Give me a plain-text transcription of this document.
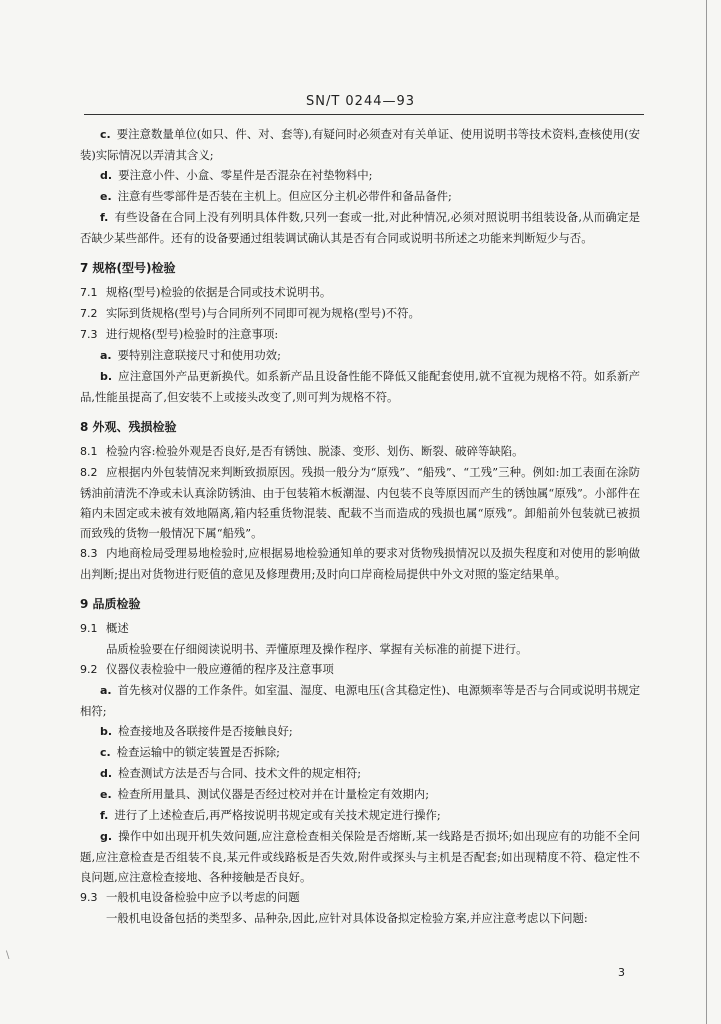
SN/T 0244—93

c. 要注意数量单位(如只、件、对、套等),有疑问时必须查对有关单证、使用说明书等技术资料,查核使用(安装)实际情况以弄清其含义;

d. 要注意小件、小盒、零星件是否混杂在衬垫物料中;

e. 注意有些零部件是否装在主机上。但应区分主机必带件和备品备件;

f. 有些设备在合同上没有列明具体件数,只列一套或一批,对此种情况,必须对照说明书组装设备,从而确定是否缺少某些部件。还有的设备要通过组装调试确认其是否有合同或说明书所述之功能来判断短少与否。

7 规格(型号)检验

7.1 规格(型号)检验的依据是合同或技术说明书。

7.2 实际到货规格(型号)与合同所列不同即可视为规格(型号)不符。

7.3 进行规格(型号)检验时的注意事项:

a. 要特别注意联接尺寸和使用功效;

b. 应注意国外产品更新换代。如系新产品且设备性能不降低又能配套使用,就不宜视为规格不符。如系新产品,性能虽提高了,但安装不上或接头改变了,则可判为规格不符。

8 外观、残损检验

8.1 检验内容:检验外观是否良好,是否有锈蚀、脱漆、变形、划伤、断裂、破碎等缺陷。

8.2 应根据内外包装情况来判断致损原因。残损一般分为“原残”、“船残”、“工残”三种。例如:加工表面在涂防锈油前清洗不净或未认真涂防锈油、由于包装箱木板潮湿、内包装不良等原因而产生的锈蚀属“原残”。小部件在箱内未固定或未被有效地隔离,箱内轻重货物混装、配载不当而造成的残损也属“原残”。卸船前外包装就已被损而致残的货物一般情况下属“船残”。

8.3 内地商检局受理易地检验时,应根据易地检验通知单的要求对货物残损情况以及损失程度和对使用的影响做出判断;提出对货物进行贬值的意见及修理费用;及时向口岸商检局提供中外文对照的鉴定结果单。

9 品质检验

9.1 概述

品质检验要在仔细阅读说明书、弄懂原理及操作程序、掌握有关标准的前提下进行。

9.2 仪器仪表检验中一般应遵循的程序及注意事项

a. 首先核对仪器的工作条件。如室温、湿度、电源电压(含其稳定性)、电源频率等是否与合同或说明书规定相符;

b. 检查接地及各联接件是否接触良好;

c. 检查运输中的锁定装置是否拆除;

d. 检查测试方法是否与合同、技术文件的规定相符;

e. 检查所用量具、测试仪器是否经过校对并在计量检定有效期内;

f. 进行了上述检查后,再严格按说明书规定或有关技术规定进行操作;

g. 操作中如出现开机失效问题,应注意检查相关保险是否熔断,某一线路是否损坏;如出现应有的功能不全问题,应注意检查是否组装不良,某元件或线路板是否失效,附件或探头与主机是否配套;如出现精度不符、稳定性不良问题,应注意检查接地、各种接触是否良好。

9.3 一般机电设备检验中应予以考虑的问题

一般机电设备包括的类型多、品种杂,因此,应针对具体设备拟定检验方案,并应注意考虑以下问题:

3
\
